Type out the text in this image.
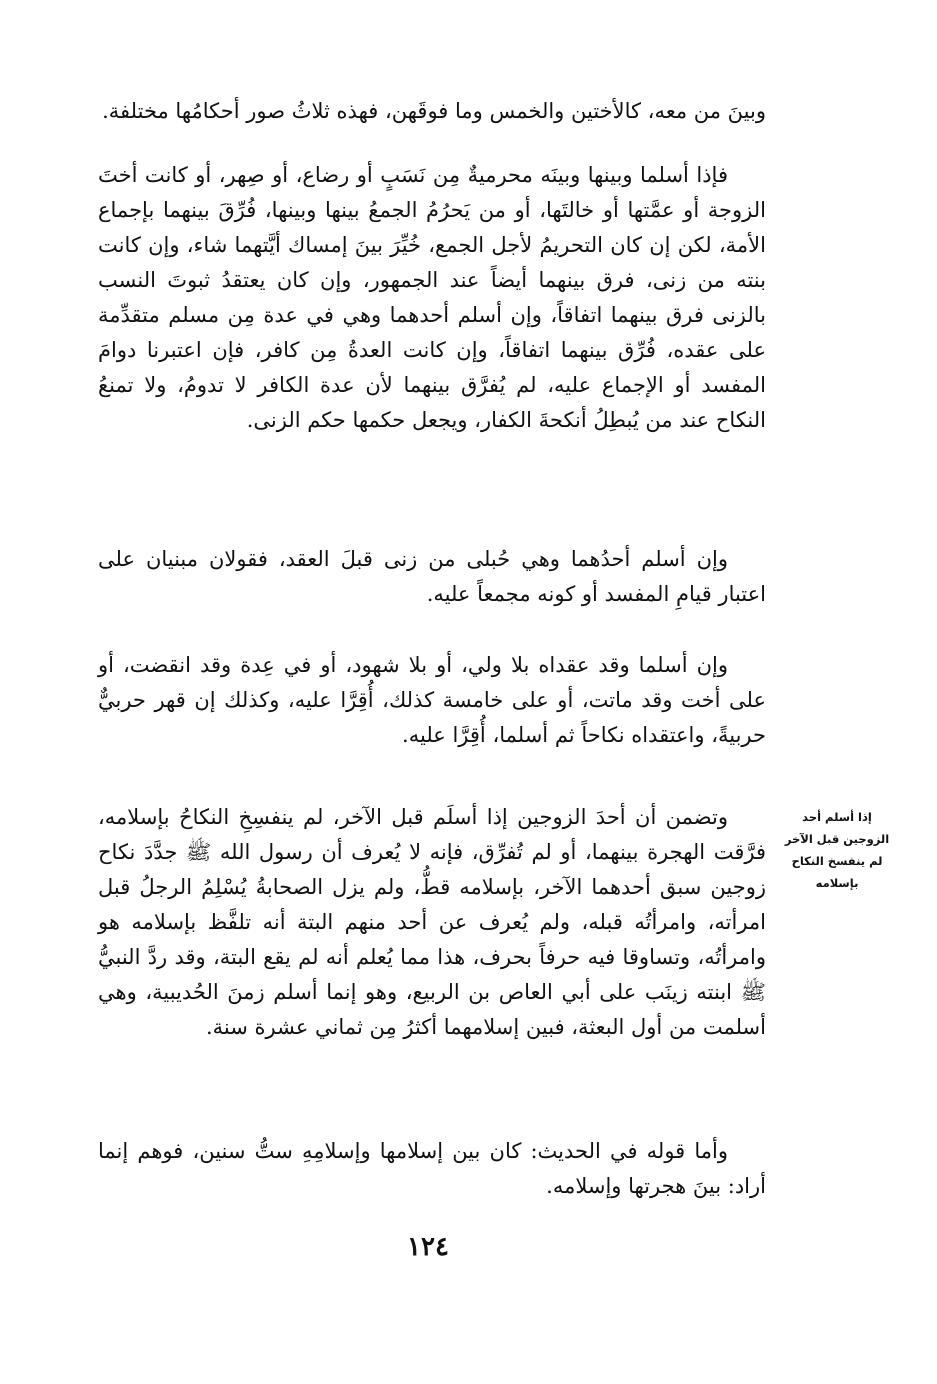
وبينَ من معه، كالأختين والخمس وما فوقَهن، فهذه ثلاثُ صور أحكامُها مختلفة.

فإذا أسلما وبينها وبينَه محرميةٌ مِن نَسَبٍ أو رضاع، أو صِهر، أو كانت أختَ الزوجة أو عمَّتها أو خالتَها، أو من يَحرُمُ الجمعُ بينها وبينها، فُرِّقَ بينهما بإجماع الأمة، لكن إن كان التحريمُ لأجل الجمع، خُيِّرَ بينَ إمساك أيَّتهما شاء، وإن كانت بنته من زنى، فرق بينهما أيضاً عند الجمهور، وإن كان يعتقدُ ثبوتَ النسب بالزنى فرق بينهما اتفاقاً، وإن أسلم أحدهما وهي في عدة مِن مسلم متقدِّمة على عقده، فُرِّق بينهما اتفاقاً، وإن كانت العدةُ مِن كافر، فإن اعتبرنا دوامَ المفسد أو الإجماع عليه، لم يُفرَّق بينهما لأن عدة الكافر لا تدومُ، ولا تمنعُ النكاح عند من يُبطِلُ أنكحةَ الكفار، ويجعل حكمها حكم الزنى.

وإن أسلم أحدُهما وهي حُبلى من زنى قبلَ العقد، فقولان مبنيان على اعتبار قيامِ المفسد أو كونه مجمعاً عليه.

وإن أسلما وقد عقداه بلا ولي، أو بلا شهود، أو في عِدة وقد انقضت، أو على أخت وقد ماتت، أو على خامسة كذلك، أُقِرَّا عليه، وكذلك إن قهر حربيٌّ حربيةً، واعتقداه نكاحاً ثم أسلما، أُقِرَّا عليه.

وتضمن أن أحدَ الزوجين إذا أسلَم قبل الآخر، لم ينفسِخِ النكاحُ بإسلامه، فرَّقت الهجرة بينهما، أو لم تُفرِّق، فإنه لا يُعرف أن رسول الله ﷺ جدَّدَ نكاح زوجين سبق أحدهما الآخر، بإسلامه قطُّ، ولم يزل الصحابةُ يُسْلِمُ الرجلُ قبل امرأته، وامرأتُه قبله، ولم يُعرف عن أحد منهم البتة أنه تلفَّظ بإسلامه هو وامرأتُه، وتساوقا فيه حرفاً بحرف، هذا مما يُعلم أنه لم يقع البتة، وقد ردَّ النبيُّ ﷺ ابنته زينَب على أبي العاص بن الربيع، وهو إنما أسلم زمنَ الحُديبية، وهي أسلمت من أول البعثة، فبين إسلامهما أكثرُ مِن ثماني عشرة سنة.

وأما قوله في الحديث: كان بين إسلامها وإسلامِهِ ستُّ سنين، فوهم إنما أراد: بينَ هجرتها وإسلامه.

إذا أسلم أحد الزوجين قبل الآخر لم ينفسخ النكاح بإسلامه
١٢٤
